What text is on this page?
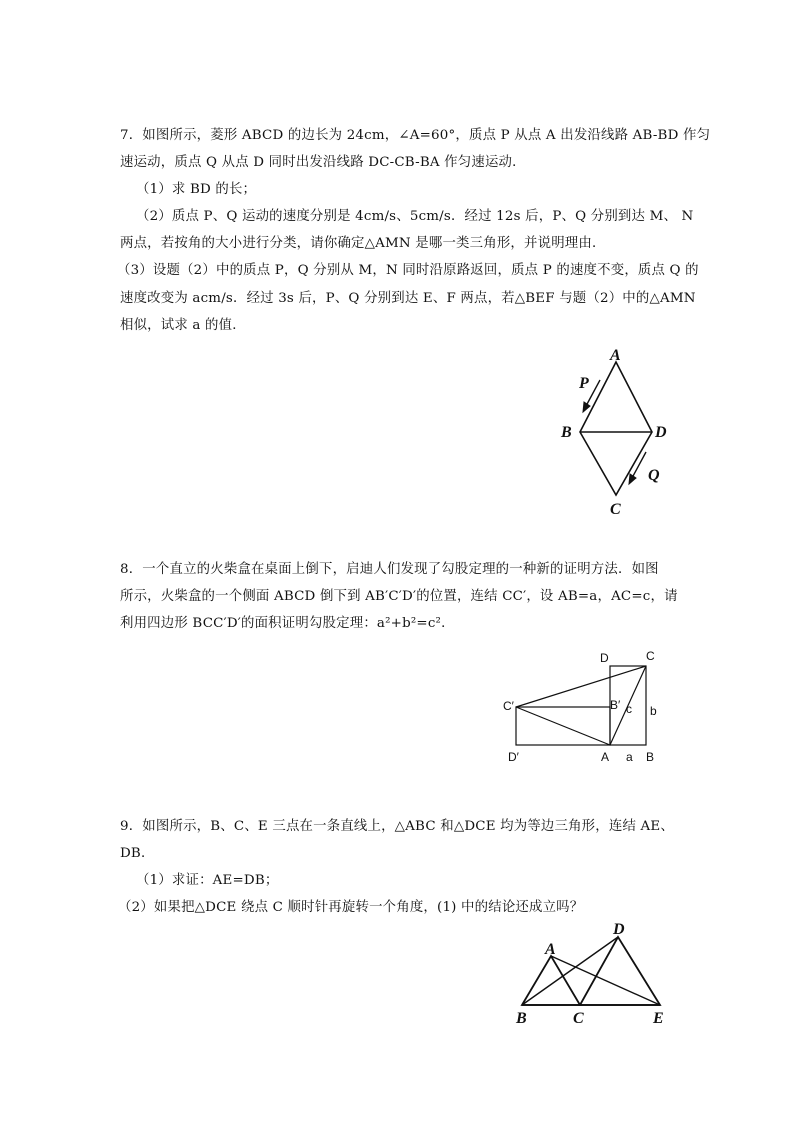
7．如图所示，菱形 ABCD 的边长为 24cm，∠A=60°，质点 P 从点 A 出发沿线路 AB-BD 作匀
速运动，质点 Q 从点 D 同时出发沿线路 DC-CB-BA 作匀速运动．
（1）求 BD 的长；
（2）质点 P、Q 运动的速度分别是 4cm/s、5cm/s．经过 12s 后，P、Q 分别到达 M、 N
两点，若按角的大小进行分类，请你确定△AMN 是哪一类三角形，并说明理由．
（3）设题（2）中的质点 P，Q 分别从 M，N 同时沿原路返回，质点 P 的速度不变，质点 Q 的
速度改变为 acm/s．经过 3s 后，P、Q 分别到达 E、F 两点，若△BEF 与题（2）中的△AMN
相似，试求 a 的值．
A
B	D
C
P
Q
8．一个直立的火柴盒在桌面上倒下，启迪人们发现了勾股定理的一种新的证明方法．如图
所示，火柴盒的一个侧面 ABCD 倒下到 AB′C′D′的位置，连结 CC′，设 AB=a，AC=c，请
利用四边形 BCC′D′的面积证明勾股定理：a²+b²=c²．
D	C
C′	B′ c b
D′	A a B
9．如图所示，B、C、E 三点在一条直线上，△ABC 和△DCE 均为等边三角形，连结 AE、
DB．
（1）求证：AE=DB；
（2）如果把△DCE 绕点 C 顺时针再旋转一个角度，(1) 中的结论还成立吗？
A
D
B	C	E
